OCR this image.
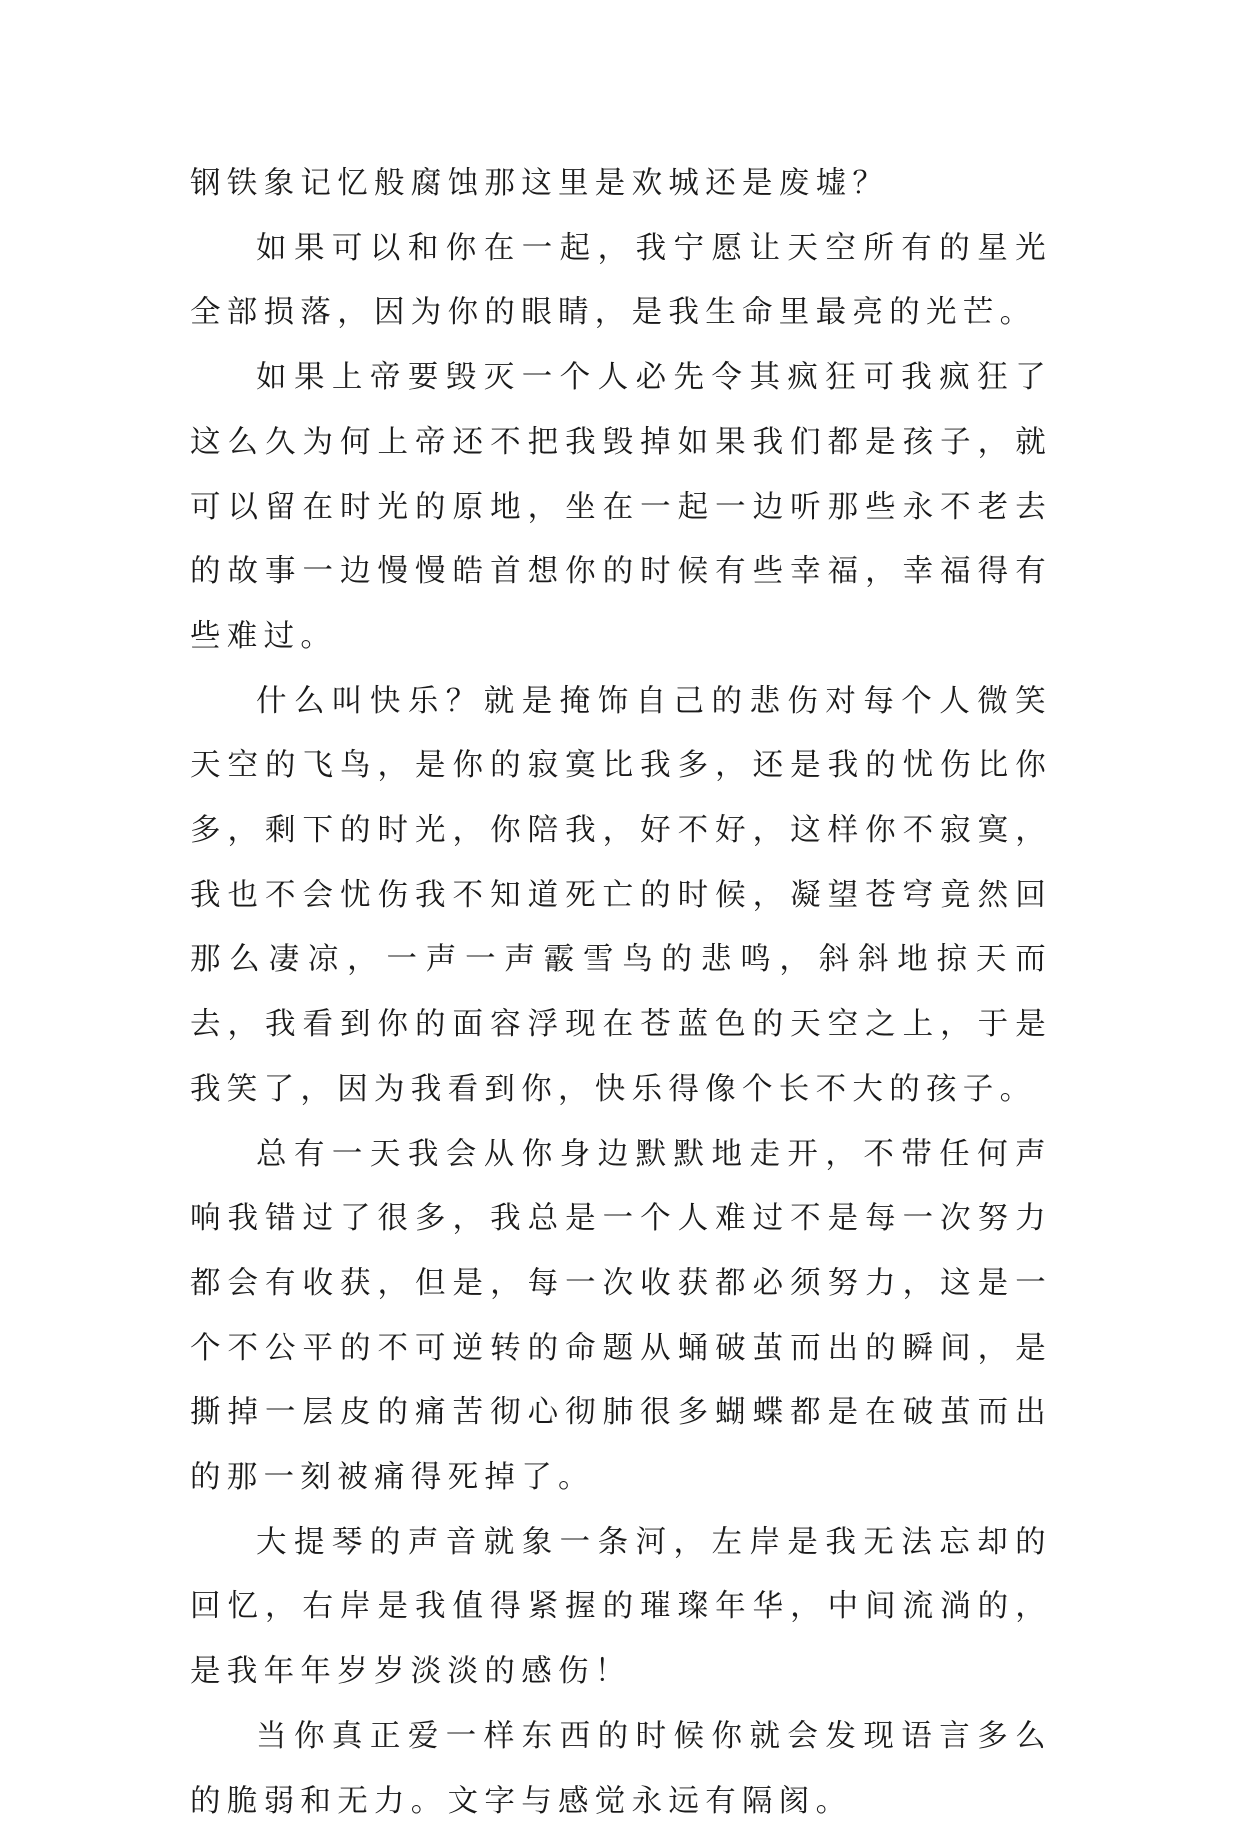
钢铁象记忆般腐蚀那这里是欢城还是废墟？

如果可以和你在一起，我宁愿让天空所有的星光全部损落，因为你的眼睛，是我生命里最亮的光芒。

如果上帝要毁灭一个人必先令其疯狂可我疯狂了这么久为何上帝还不把我毁掉如果我们都是孩子，就可以留在时光的原地，坐在一起一边听那些永不老去的故事一边慢慢皓首想你的时候有些幸福，幸福得有些难过。

什么叫快乐？就是掩饰自己的悲伤对每个人微笑天空的飞鸟，是你的寂寞比我多，还是我的忧伤比你多，剩下的时光，你陪我，好不好，这样你不寂寞，我也不会忧伤我不知道死亡的时候，凝望苍穹竟然回那么凄凉，一声一声霰雪鸟的悲鸣，斜斜地掠天而去，我看到你的面容浮现在苍蓝色的天空之上，于是我笑了，因为我看到你，快乐得像个长不大的孩子。

总有一天我会从你身边默默地走开，不带任何声响我错过了很多，我总是一个人难过不是每一次努力都会有收获，但是，每一次收获都必须努力，这是一个不公平的不可逆转的命题从蛹破茧而出的瞬间，是撕掉一层皮的痛苦彻心彻肺很多蝴蝶都是在破茧而出的那一刻被痛得死掉了。

大提琴的声音就象一条河，左岸是我无法忘却的回忆，右岸是我值得紧握的璀璨年华，中间流淌的，是我年年岁岁淡淡的感伤！

当你真正爱一样东西的时候你就会发现语言多么的脆弱和无力。文字与感觉永远有隔阂。
